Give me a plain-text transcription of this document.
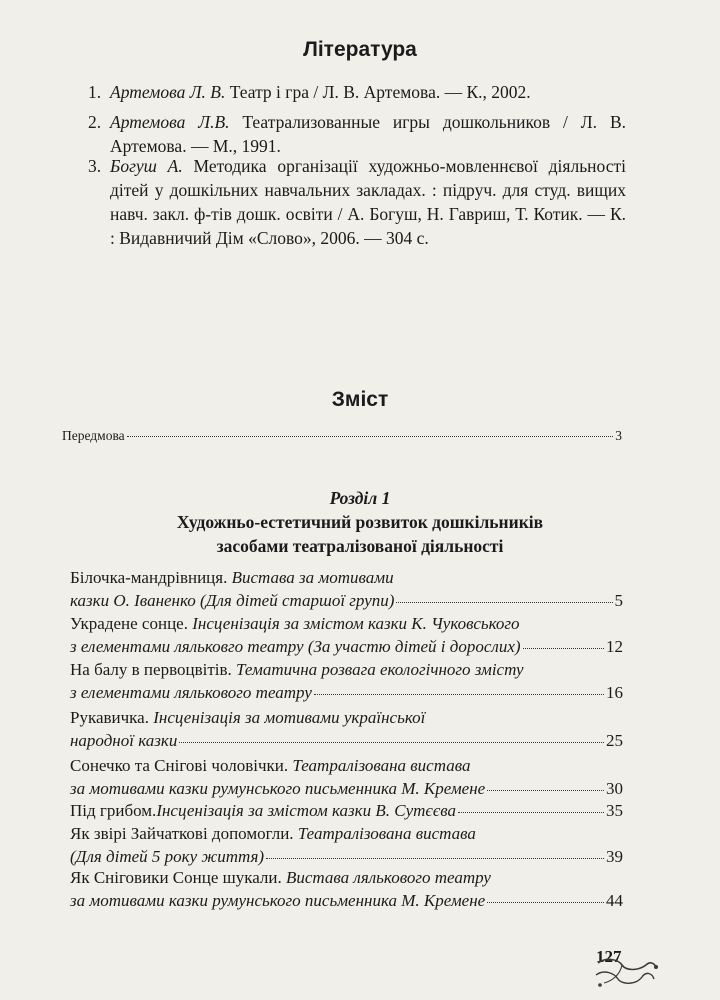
Література
1. Артемова Л. В. Театр і гра / Л. В. Артемова. — К., 2002.
2. Артемова Л.В. Театрализованные игры дошкольников / Л. В. Артемова. — М., 1991.
3. Богуш А. Методика організації художньо-мовленнєвої діяльності дітей у дошкільних навчальних закладах. : підруч. для студ. вищих навч. закл. ф-тів дошк. освіти / А. Богуш, Н. Гавриш, Т. Котик. — К. : Видавничий Дім «Слово», 2006. — 304 с.
Зміст
Передмова	3
Розділ 1
Художньо-естетичний розвиток дошкільників
засобами театралізованої діяльності
Білочка-мандрівниця. Вистава за мотивами
казки О. Іваненко (Для дітей старшої групи)	5
Украдене сонце. Інсценізація за змістом казки К. Чуковського
з елементами ляльковго театру (За участю дітей і дорослих)	12
На балу в первоцвітів. Тематична розвага екологічного змісту
з елементами лялькового театру	16
Рукавичка. Інсценізація за мотивами української
народної казки	25
Сонечко та Снігові чоловічки. Театралізована вистава
за мотивами казки румунського письменника М. Кремене	30
Під грибом. Інсценізація за змістом казки В. Сутєєва	35
Як звірі Зайчаткові допомогли. Театралізована вистава
(Для дітей 5 року життя)	39
Як Сніговики Сонце шукали. Вистава лялькового театру
за мотивами казки румунського письменника М. Кремене	44
127
